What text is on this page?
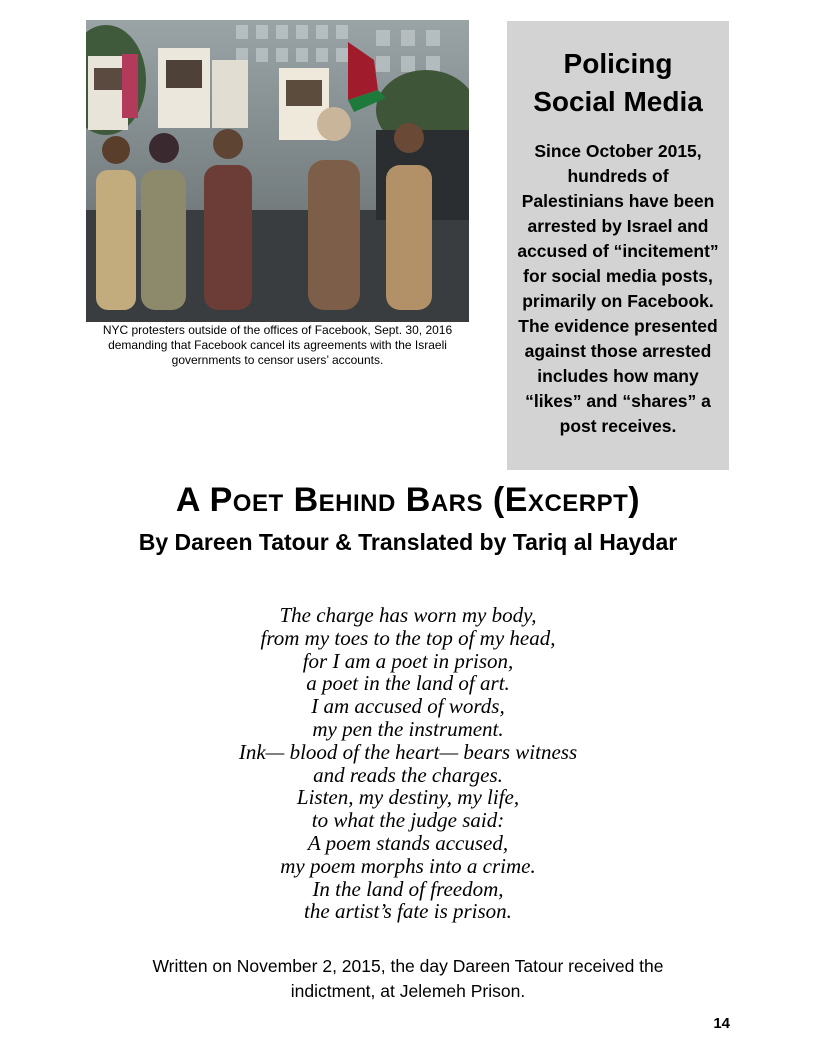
NYC protesters outside of the offices of Facebook, Sept. 30, 2016 demanding that Facebook cancel its agreements with the Israeli governments to censor users’ accounts.
Policing
Social Media

Since October 2015, hundreds of Palestinians have been arrested by Israel and accused of “incitement” for social media posts, primarily on Facebook. The evidence presented against those arrested includes how many “likes” and “shares” a post receives.

A Poet Behind Bars (Excerpt)
By Dareen Tatour & Translated by Tariq al Haydar
The charge has worn my body,
from my toes to the top of my head,
for I am a poet in prison,
a poet in the land of art.
I am accused of words,
my pen the instrument.
Ink— blood of the heart— bears witness
and reads the charges.
Listen, my destiny, my life,
to what the judge said:
A poem stands accused,
my poem morphs into a crime.
In the land of freedom,
the artist’s fate is prison.
Written on November 2, 2015, the day Dareen Tatour received the indictment, at Jelemeh Prison.
14
